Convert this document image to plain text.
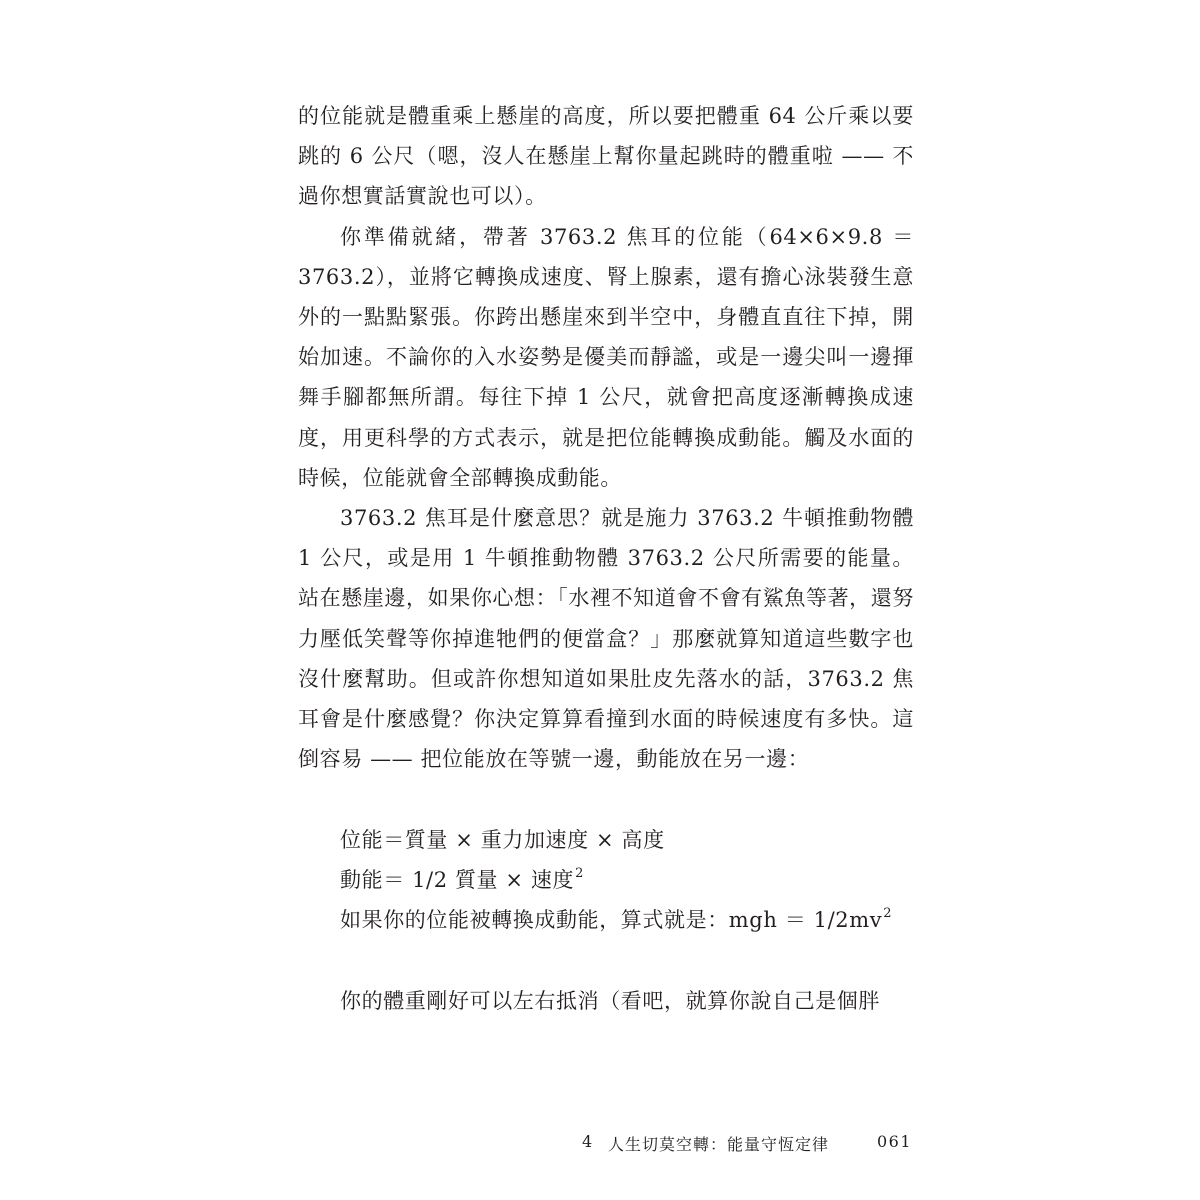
的位能就是體重乘上懸崖的高度，所以要把體重 64 公斤乘以要跳的 6 公尺（嗯，沒人在懸崖上幫你量起跳時的體重啦 —— 不過你想實話實說也可以）。

你準備就緒，帶著 3763.2 焦耳的位能（64×6×9.8 ＝ 3763.2），並將它轉換成速度、腎上腺素，還有擔心泳裝發生意外的一點點緊張。你跨出懸崖來到半空中，身體直直往下掉，開始加速。不論你的入水姿勢是優美而靜謐，或是一邊尖叫一邊揮舞手腳都無所謂。每往下掉 1 公尺，就會把高度逐漸轉換成速度，用更科學的方式表示，就是把位能轉換成動能。觸及水面的時候，位能就會全部轉換成動能。

3763.2 焦耳是什麼意思？就是施力 3763.2 牛頓推動物體 1 公尺，或是用 1 牛頓推動物體 3763.2 公尺所需要的能量。站在懸崖邊，如果你心想：「水裡不知道會不會有鯊魚等著，還努力壓低笑聲等你掉進牠們的便當盒？」那麼就算知道這些數字也沒什麼幫助。但或許你想知道如果肚皮先落水的話，3763.2 焦耳會是什麼感覺？你決定算算看撞到水面的時候速度有多快。這倒容易 —— 把位能放在等號一邊，動能放在另一邊：

位能＝質量 × 重力加速度 × 高度

動能＝ 1/2 質量 × 速度$^2$

如果你的位能被轉換成動能，算式就是：mgh ＝ $1/2mv^2$

你的體重剛好可以左右抵消（看吧，就算你說自己是個胖

4 人生切莫空轉：能量守恆定律	061
